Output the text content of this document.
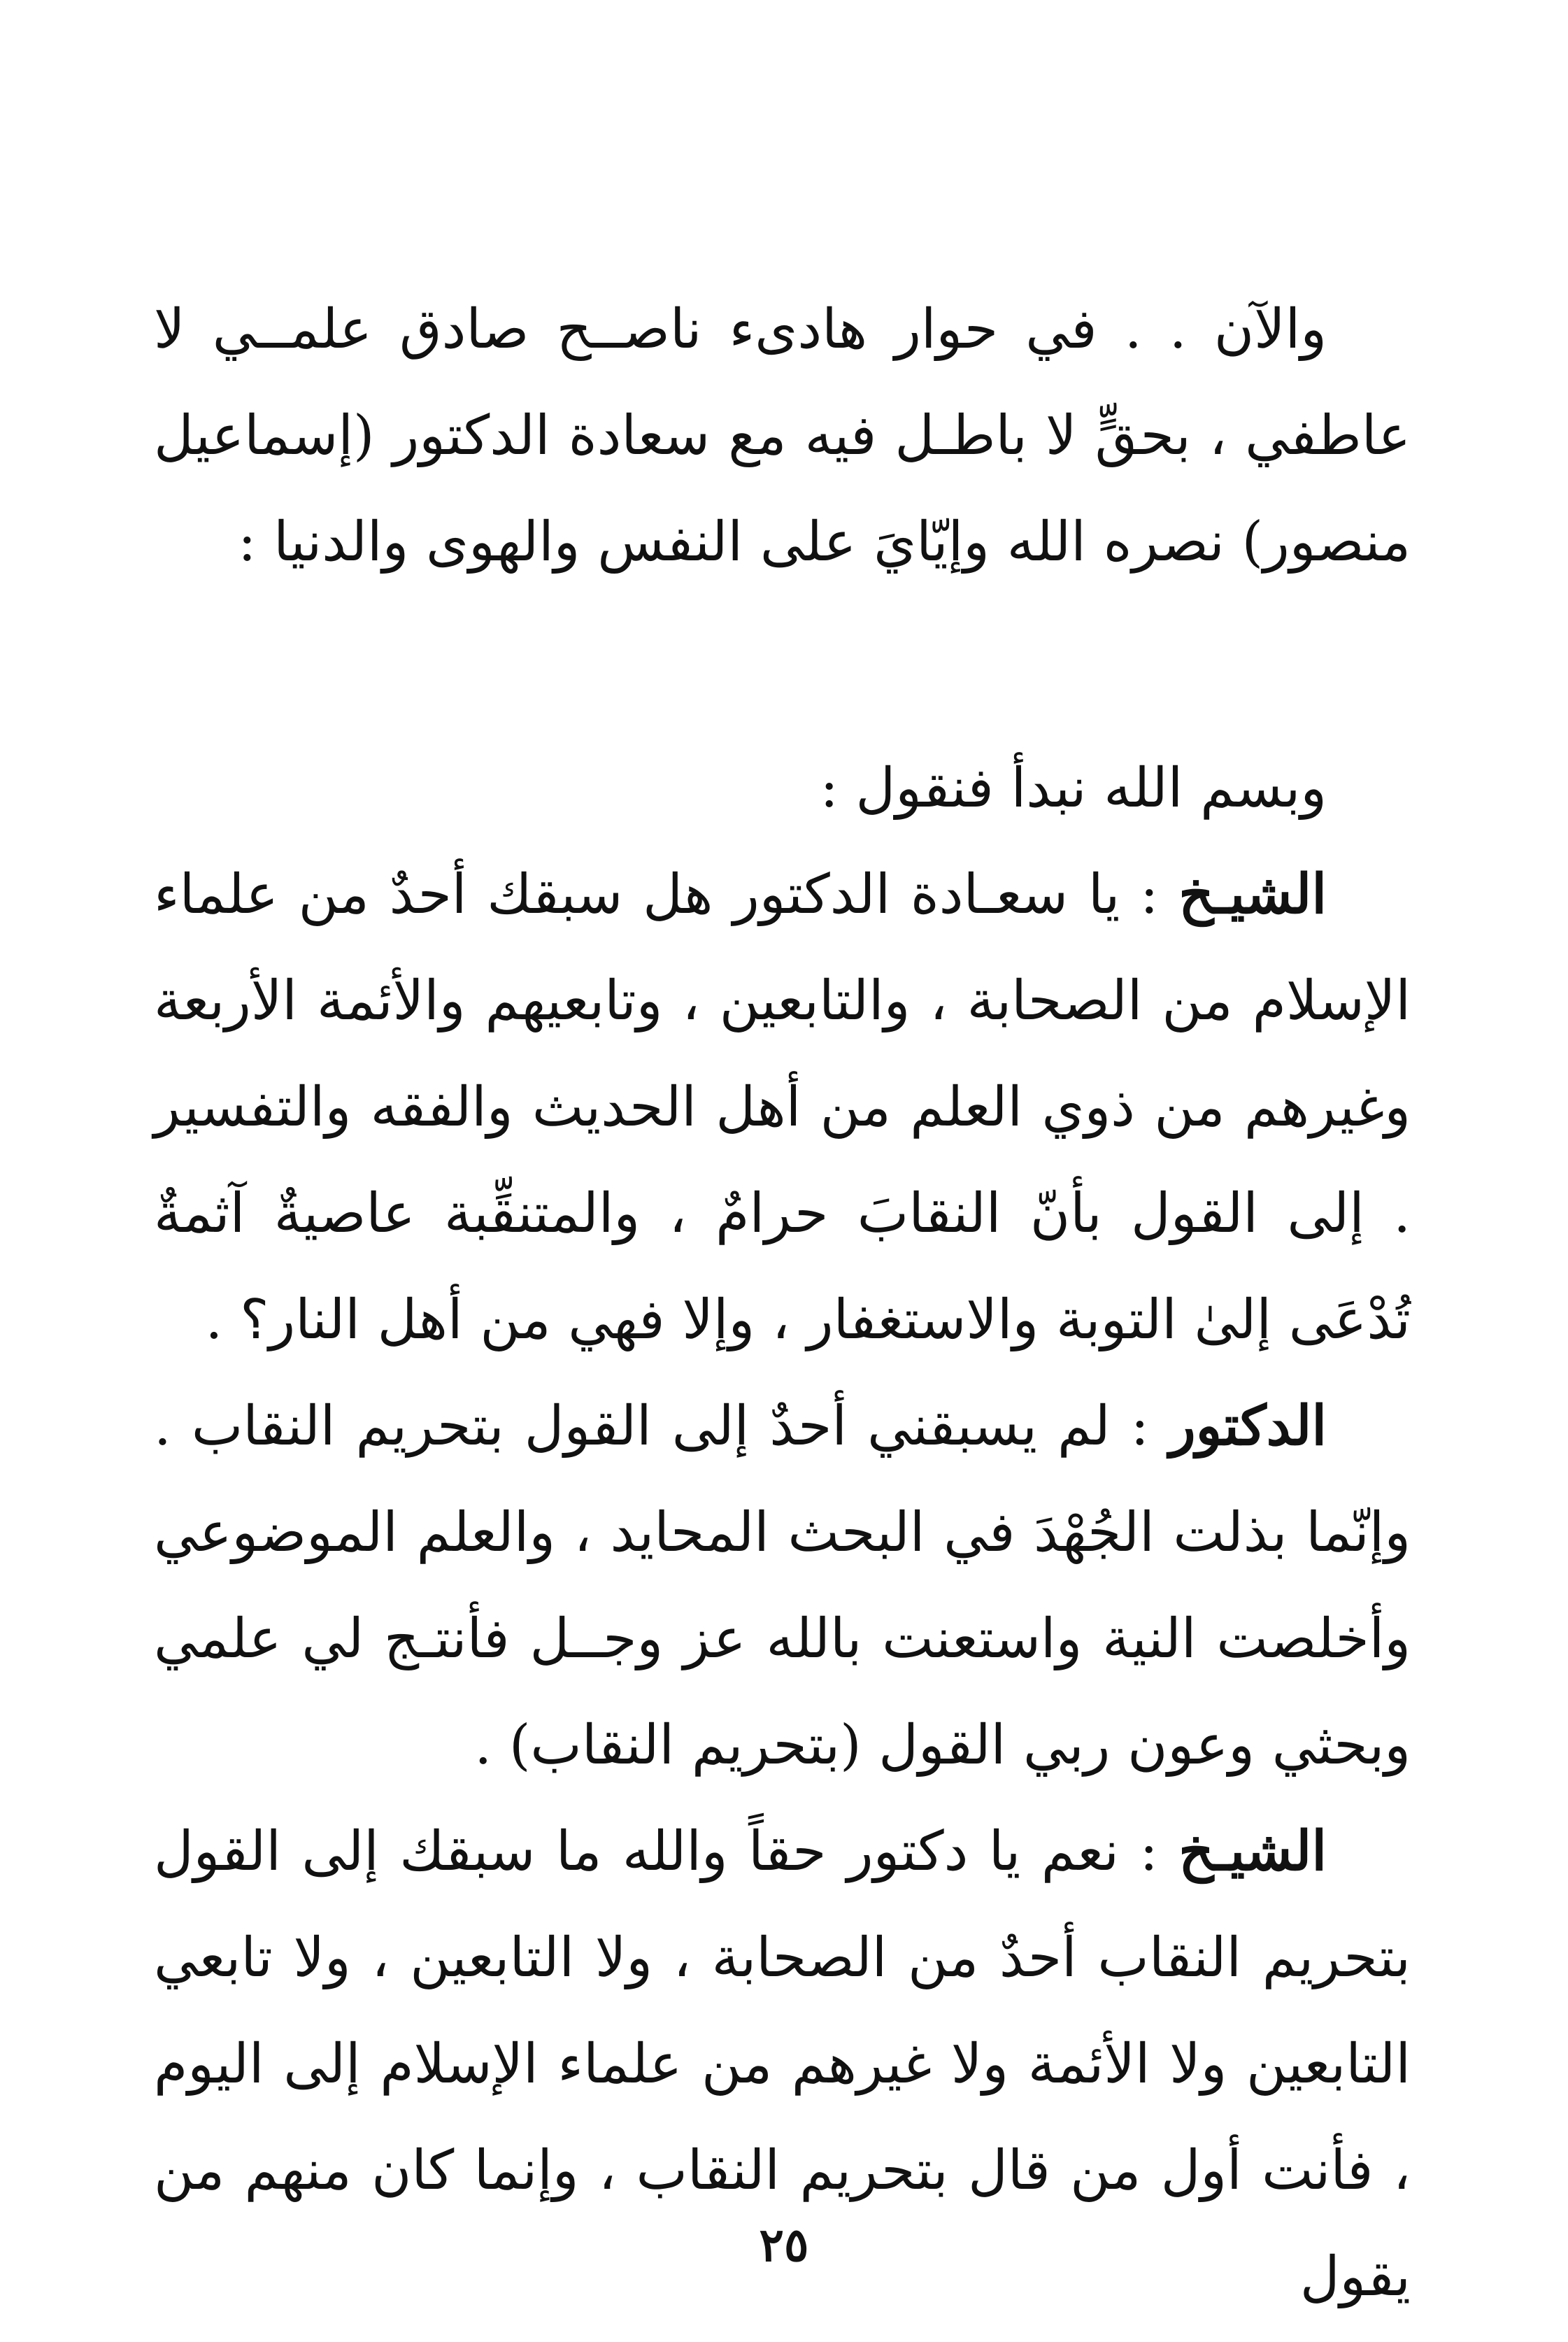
والآن . . في حوار هادىء ناصــح صادق علمــي لا عاطفي ، بحقٍّ لا باطـل فيه مع سعادة الدكتور (إسماعيل منصور) نصره الله وإيّايَ على النفس والهوى والدنيا :

وبسم الله نبدأ فنقول :

الشيـخ : يا سعـادة الدكتور هل سبقك أحدٌ من علماء الإسلام من الصحابة ، والتابعين ، وتابعيهم والأئمة الأربعة وغيرهم من ذوي العلم من أهل الحديث والفقه والتفسير . إلى القول بأنّ النقابَ حرامٌ ، والمتنقِّبة عاصيةٌ آثمةٌ تُدْعَى إلىٰ التوبة والاستغفار ، وإلا فهي من أهل النار؟ .

الدكتور : لم يسبقني أحدٌ إلى القول بتحريم النقاب . وإنّما بذلت الجُهْدَ في البحث المحايد ، والعلم الموضوعي وأخلصت النية واستعنت بالله عز وجــل فأنتـج لي علمي وبحثي وعون ربي القول (بتحريم النقاب) .

الشيـخ : نعم يا دكتور حقاً والله ما سبقك إلى القول بتحريم النقاب أحدٌ من الصحابة ، ولا التابعين ، ولا تابعي التابعين ولا الأئمة ولا غيرهم من علماء الإسلام إلى اليوم ، فأنت أول من قال بتحريم النقاب ، وإنما كان منهم من يقول

٢٥
